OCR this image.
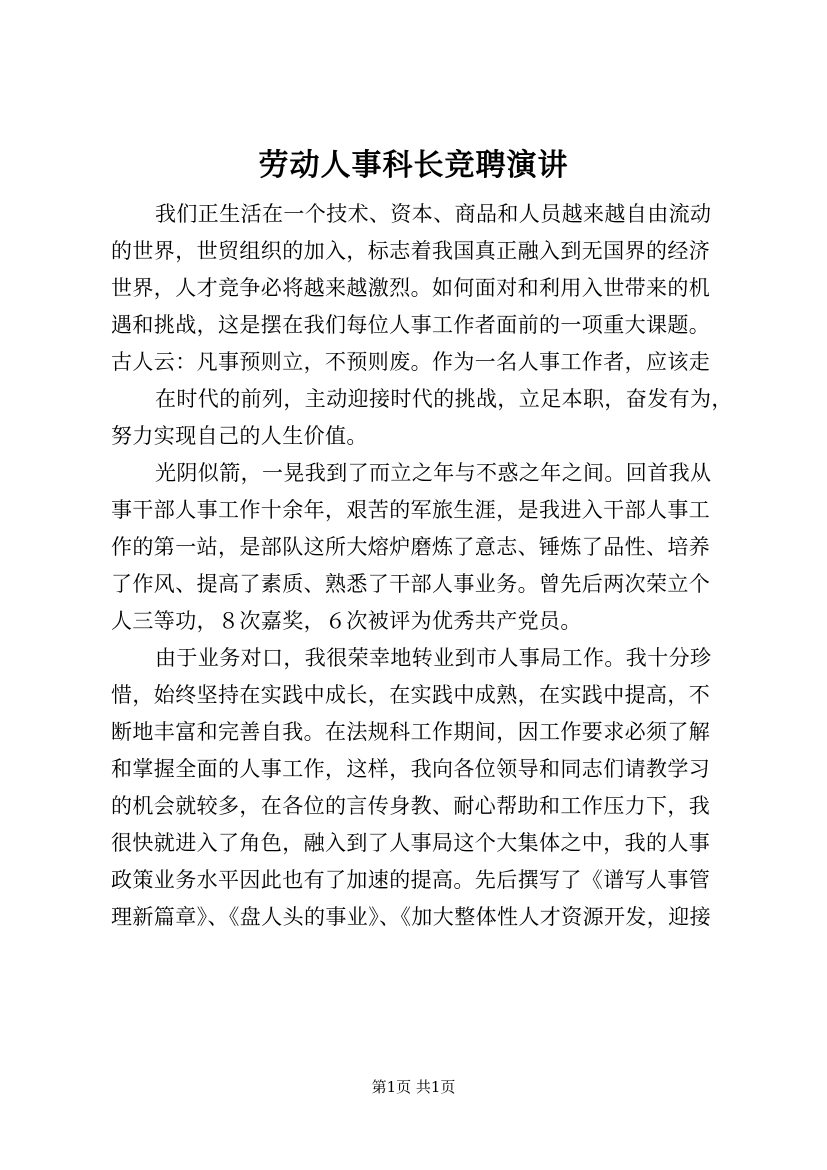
劳动人事科长竞聘演讲
我们正生活在一个技术、资本、商品和人员越来越自由流动
的世界，世贸组织的加入，标志着我国真正融入到无国界的经济
世界，人才竞争必将越来越激烈。如何面对和利用入世带来的机
遇和挑战，这是摆在我们每位人事工作者面前的一项重大课题。
古人云：凡事预则立，不预则废。作为一名人事工作者，应该走
在时代的前列，主动迎接时代的挑战，立足本职，奋发有为，
努力实现自己的人生价值。
光阴似箭，一晃我到了而立之年与不惑之年之间。回首我从
事干部人事工作十余年，艰苦的军旅生涯，是我进入干部人事工
作的第一站，是部队这所大熔炉磨炼了意志、锤炼了品性、培养
了作风、提高了素质、熟悉了干部人事业务。曾先后两次荣立个
人三等功，８次嘉奖，６次被评为优秀共产党员。
由于业务对口，我很荣幸地转业到市人事局工作。我十分珍
惜，始终坚持在实践中成长，在实践中成熟，在实践中提高，不
断地丰富和完善自我。在法规科工作期间，因工作要求必须了解
和掌握全面的人事工作，这样，我向各位领导和同志们请教学习
的机会就较多，在各位的言传身教、耐心帮助和工作压力下，我
很快就进入了角色，融入到了人事局这个大集体之中，我的人事
政策业务水平因此也有了加速的提高。先后撰写了《谱写人事管
理新篇章》、《盘人头的事业》、《加大整体性人才资源开发，迎接
第1页 共1页
